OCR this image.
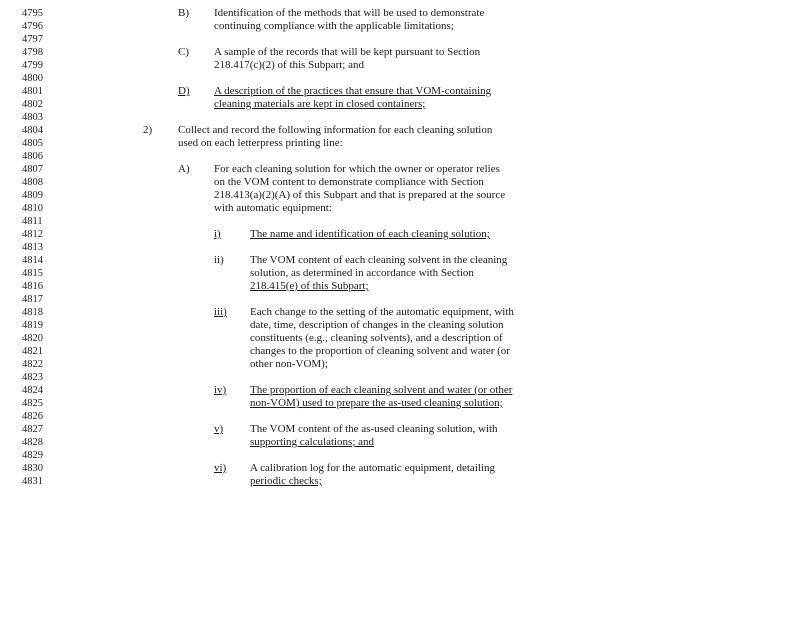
4795
4796
4797
4798
4799
4800
4801
4802
4803
4804
4805
4806
4807
4808
4809
4810
4811
4812
4813
4814
4815
4816
4817
4818
4819
4820
4821
4822
4823
4824
4825
4826
4827
4828
4829
4830
4831
B) Identification of the methods that will be used to demonstrate
continuing compliance with the applicable limitations;
C) A sample of the records that will be kept pursuant to Section
218.417(c)(2) of this Subpart; and
D) A description of the practices that ensure that VOM-containing
cleaning materials are kept in closed containers;
2) Collect and record the following information for each cleaning solution
used on each letterpress printing line:
A) For each cleaning solution for which the owner or operator relies
on the VOM content to demonstrate compliance with Section
218.413(a)(2)(A) of this Subpart and that is prepared at the source
with automatic equipment:
i)	The name and identification of each cleaning solution;
ii) The VOM content of each cleaning solvent in the cleaning
solution, as determined in accordance with Section
218.415(e) of this Subpart;
iii) Each change to the setting of the automatic equipment, with
date, time, description of changes in the cleaning solution
constituents (e.g., cleaning solvents), and a description of
changes to the proportion of cleaning solvent and water (or
other non-VOM);
iv) The proportion of each cleaning solvent and water (or other
non-VOM) used to prepare the as-used cleaning solution;
v) The VOM content of the as-used cleaning solution, with
supporting calculations; and
vi) A calibration log for the automatic equipment, detailing
periodic checks;
